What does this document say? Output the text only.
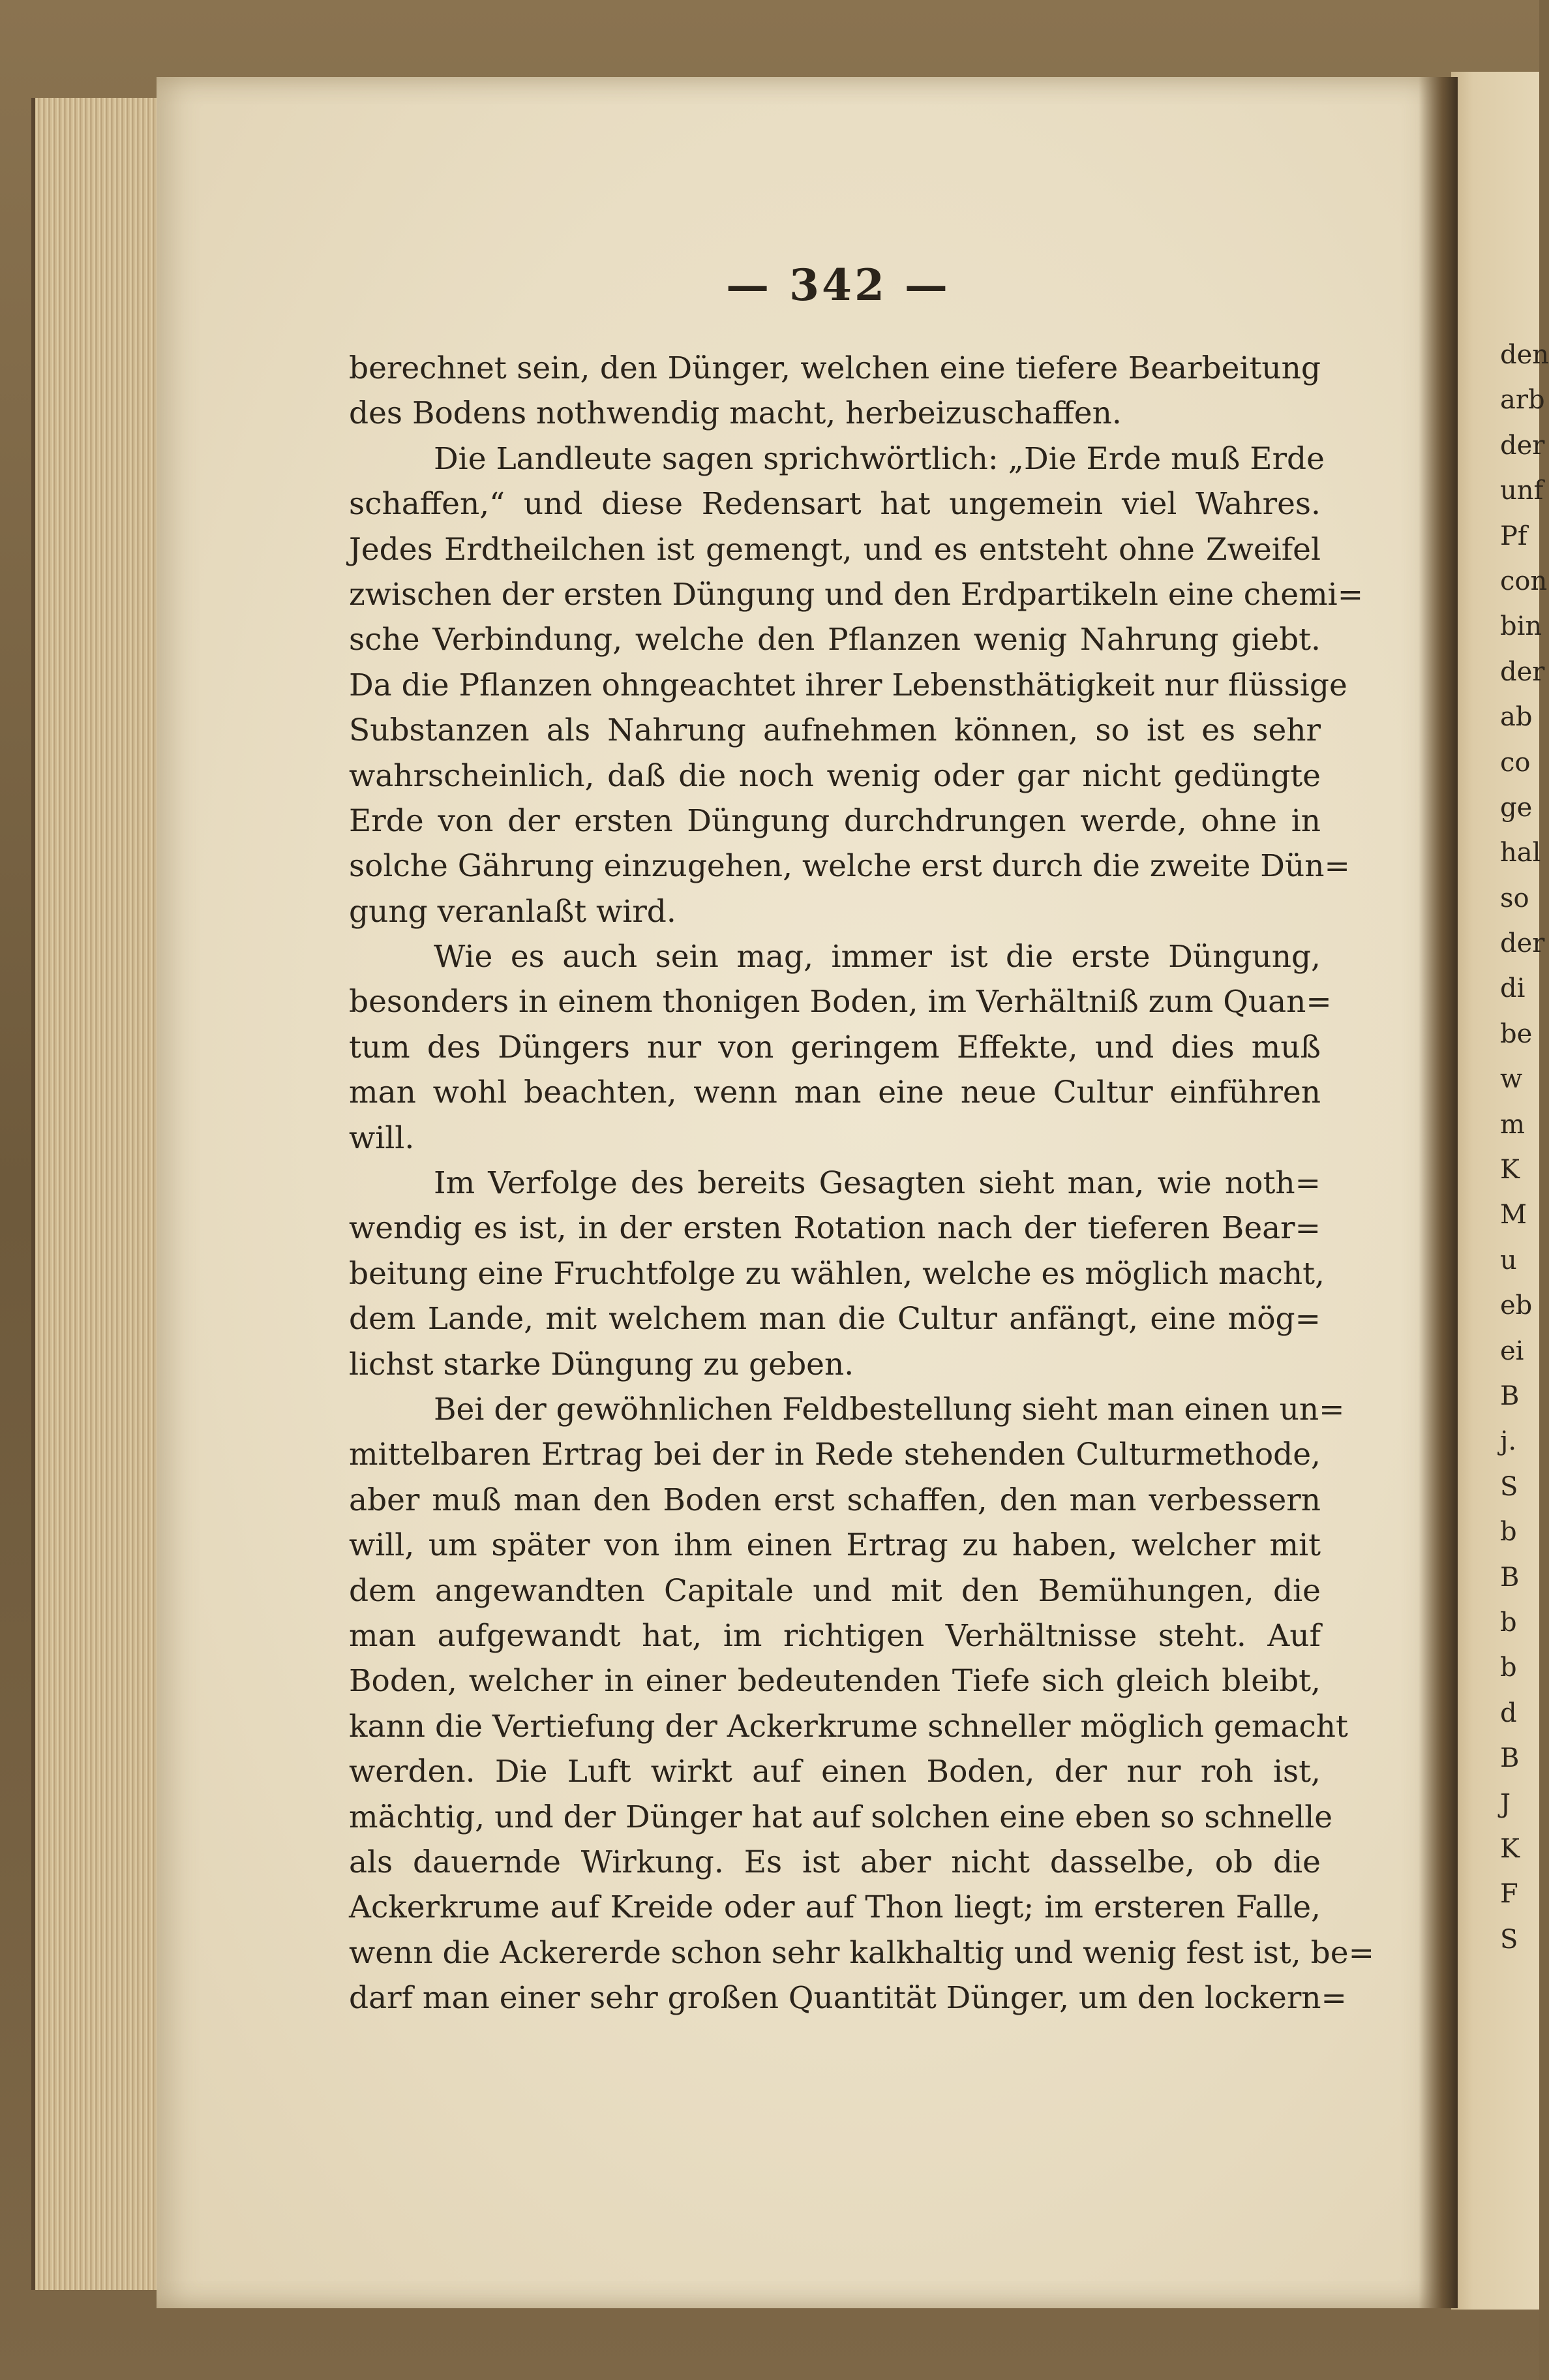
— 342 —
berechnet sein, den Dünger, welchen eine tiefere Bearbeitung
des Bodens nothwendig macht, herbeizuschaffen.
Die Landleute sagen sprichwörtlich: „Die Erde muß Erde
schaffen,“ und diese Redensart hat ungemein viel Wahres.
Jedes Erdtheilchen ist gemengt, und es entsteht ohne Zweifel
zwischen der ersten Düngung und den Erdpartikeln eine chemi=
sche Verbindung, welche den Pflanzen wenig Nahrung giebt.
Da die Pflanzen ohngeachtet ihrer Lebensthätigkeit nur flüssige
Substanzen als Nahrung aufnehmen können, so ist es sehr
wahrscheinlich, daß die noch wenig oder gar nicht gedüngte
Erde von der ersten Düngung durchdrungen werde, ohne in
solche Gährung einzugehen, welche erst durch die zweite Dün=
gung veranlaßt wird.
Wie es auch sein mag, immer ist die erste Düngung,
besonders in einem thonigen Boden, im Verhältniß zum Quan=
tum des Düngers nur von geringem Effekte, und dies muß
man wohl beachten, wenn man eine neue Cultur einführen
will.
Im Verfolge des bereits Gesagten sieht man, wie noth=
wendig es ist, in der ersten Rotation nach der tieferen Bear=
beitung eine Fruchtfolge zu wählen, welche es möglich macht,
dem Lande, mit welchem man die Cultur anfängt, eine mög=
lichst starke Düngung zu geben.
Bei der gewöhnlichen Feldbestellung sieht man einen un=
mittelbaren Ertrag bei der in Rede stehenden Culturmethode,
aber muß man den Boden erst schaffen, den man verbessern
will, um später von ihm einen Ertrag zu haben, welcher mit
dem angewandten Capitale und mit den Bemühungen, die
man aufgewandt hat, im richtigen Verhältnisse steht. Auf
Boden, welcher in einer bedeutenden Tiefe sich gleich bleibt,
kann die Vertiefung der Ackerkrume schneller möglich gemacht
werden. Die Luft wirkt auf einen Boden, der nur roh ist,
mächtig, und der Dünger hat auf solchen eine eben so schnelle
als dauernde Wirkung. Es ist aber nicht dasselbe, ob die
Ackerkrume auf Kreide oder auf Thon liegt; im ersteren Falle,
wenn die Ackererde schon sehr kalkhaltig und wenig fest ist, be=
darf man einer sehr großen Quantität Dünger, um den lockern=
den
arb
der
unf
Pf
con
bin
der
ab
co
ge
hal
so
der
di
be
w
m
K
M
u
eb
ei
B
j.
S
b
B
b
b
d
B
J
K
F
S
